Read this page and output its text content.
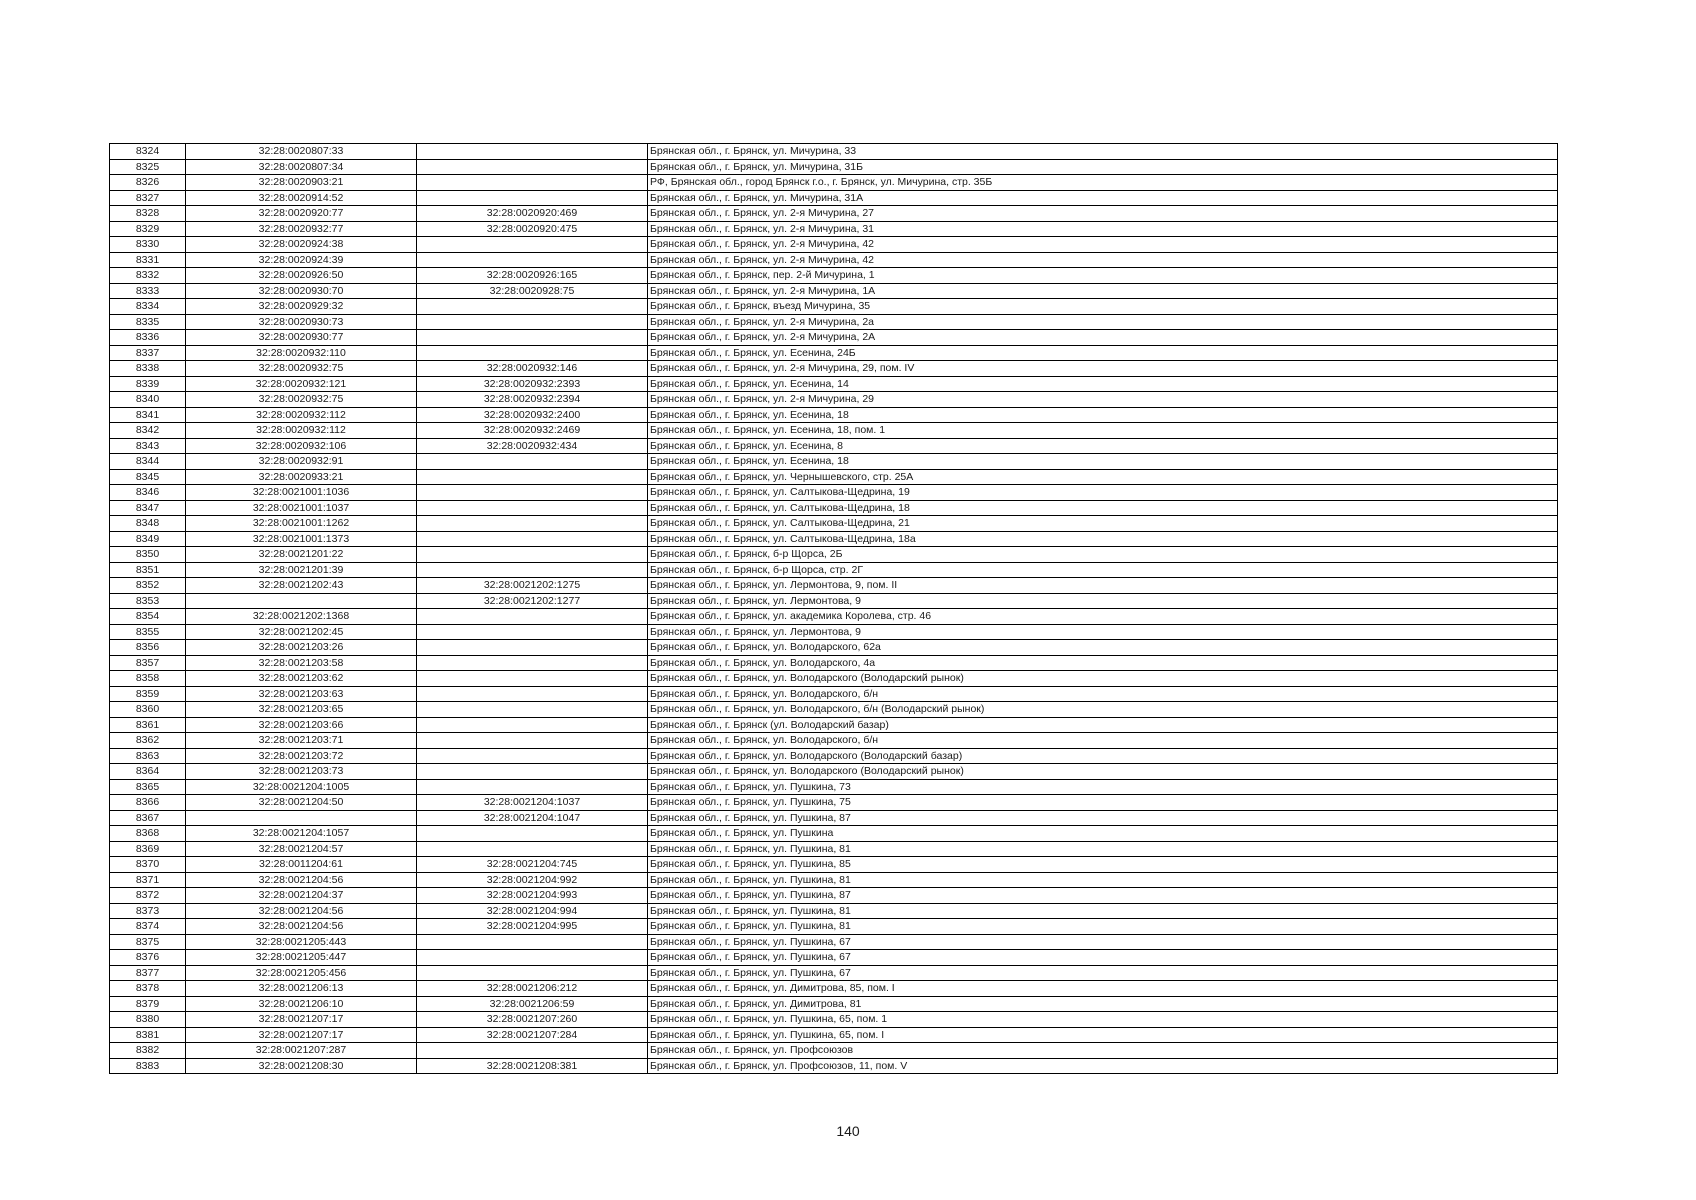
8324	32:28:0020807:33		Брянская обл., г. Брянск, ул. Мичурина, 33
8325	32:28:0020807:34		Брянская обл., г. Брянск, ул. Мичурина, 31Б
8326	32:28:0020903:21		РФ, Брянская обл., город Брянск г.о., г. Брянск, ул. Мичурина, стр. 35Б
8327	32:28:0020914:52		Брянская обл., г. Брянск, ул. Мичурина, 31А
8328	32:28:0020920:77	32:28:0020920:469	Брянская обл., г. Брянск, ул. 2-я Мичурина, 27
8329	32:28:0020932:77	32:28:0020920:475	Брянская обл., г. Брянск, ул. 2-я Мичурина, 31
8330	32:28:0020924:38		Брянская обл., г. Брянск, ул. 2-я Мичурина, 42
8331	32:28:0020924:39		Брянская обл., г. Брянск, ул. 2-я Мичурина, 42
8332	32:28:0020926:50	32:28:0020926:165	Брянская обл., г. Брянск, пер. 2-й Мичурина, 1
8333	32:28:0020930:70	32:28:0020928:75	Брянская обл., г. Брянск, ул. 2-я Мичурина, 1А
8334	32:28:0020929:32		Брянская обл., г. Брянск, въезд Мичурина, 35
8335	32:28:0020930:73		Брянская обл., г. Брянск, ул. 2-я Мичурина, 2а
8336	32:28:0020930:77		Брянская обл., г. Брянск, ул. 2-я Мичурина, 2А
8337	32:28:0020932:110		Брянская обл., г. Брянск, ул. Есенина, 24Б
8338	32:28:0020932:75	32:28:0020932:146	Брянская обл., г. Брянск, ул. 2-я Мичурина, 29, пом. IV
8339	32:28:0020932:121	32:28:0020932:2393	Брянская обл., г. Брянск, ул. Есенина, 14
8340	32:28:0020932:75	32:28:0020932:2394	Брянская обл., г. Брянск, ул. 2-я Мичурина, 29
8341	32:28:0020932:112	32:28:0020932:2400	Брянская обл., г. Брянск, ул. Есенина, 18
8342	32:28:0020932:112	32:28:0020932:2469	Брянская обл., г. Брянск, ул. Есенина, 18, пом. 1
8343	32:28:0020932:106	32:28:0020932:434	Брянская обл., г. Брянск, ул. Есенина, 8
8344	32:28:0020932:91		Брянская обл., г. Брянск, ул. Есенина, 18
8345	32:28:0020933:21		Брянская обл., г. Брянск, ул. Чернышевского, стр. 25А
8346	32:28:0021001:1036		Брянская обл., г. Брянск, ул. Салтыкова-Щедрина, 19
8347	32:28:0021001:1037		Брянская обл., г. Брянск, ул. Салтыкова-Щедрина, 18
8348	32:28:0021001:1262		Брянская обл., г. Брянск, ул. Салтыкова-Щедрина, 21
8349	32:28:0021001:1373		Брянская обл., г. Брянск, ул. Салтыкова-Щедрина, 18а
8350	32:28:0021201:22		Брянская обл., г. Брянск, б-р Щорса, 2Б
8351	32:28:0021201:39		Брянская обл., г. Брянск, б-р Щорса, стр. 2Г
8352	32:28:0021202:43	32:28:0021202:1275	Брянская обл., г. Брянск, ул. Лермонтова, 9, пом. II
8353		32:28:0021202:1277	Брянская обл., г. Брянск, ул. Лермонтова, 9
8354	32:28:0021202:1368		Брянская обл., г. Брянск, ул. академика Королева, стр. 46
8355	32:28:0021202:45		Брянская обл., г. Брянск, ул. Лермонтова, 9
8356	32:28:0021203:26		Брянская обл., г. Брянск, ул. Володарского, 62а
8357	32:28:0021203:58		Брянская обл., г. Брянск, ул. Володарского, 4а
8358	32:28:0021203:62		Брянская обл., г. Брянск, ул. Володарского (Володарский рынок)
8359	32:28:0021203:63		Брянская обл., г. Брянск, ул. Володарского, б/н
8360	32:28:0021203:65		Брянская обл., г. Брянск, ул. Володарского, б/н (Володарский рынок)
8361	32:28:0021203:66		Брянская обл., г. Брянск (ул. Володарский базар)
8362	32:28:0021203:71		Брянская обл., г. Брянск, ул. Володарского, б/н
8363	32:28:0021203:72		Брянская обл., г. Брянск, ул. Володарского (Володарский базар)
8364	32:28:0021203:73		Брянская обл., г. Брянск, ул. Володарского (Володарский рынок)
8365	32:28:0021204:1005		Брянская обл., г. Брянск, ул. Пушкина, 73
8366	32:28:0021204:50	32:28:0021204:1037	Брянская обл., г. Брянск, ул. Пушкина, 75
8367		32:28:0021204:1047	Брянская обл., г. Брянск, ул. Пушкина, 87
8368	32:28:0021204:1057		Брянская обл., г. Брянск, ул. Пушкина
8369	32:28:0021204:57		Брянская обл., г. Брянск, ул. Пушкина, 81
8370	32:28:0011204:61	32:28:0021204:745	Брянская обл., г. Брянск, ул. Пушкина, 85
8371	32:28:0021204:56	32:28:0021204:992	Брянская обл., г. Брянск, ул. Пушкина, 81
8372	32:28:0021204:37	32:28:0021204:993	Брянская обл., г. Брянск, ул. Пушкина, 87
8373	32:28:0021204:56	32:28:0021204:994	Брянская обл., г. Брянск, ул. Пушкина, 81
8374	32:28:0021204:56	32:28:0021204:995	Брянская обл., г. Брянск, ул. Пушкина, 81
8375	32:28:0021205:443		Брянская обл., г. Брянск, ул. Пушкина, 67
8376	32:28:0021205:447		Брянская обл., г. Брянск, ул. Пушкина, 67
8377	32:28:0021205:456		Брянская обл., г. Брянск, ул. Пушкина, 67
8378	32:28:0021206:13	32:28:0021206:212	Брянская обл., г. Брянск, ул. Димитрова, 85, пом. I
8379	32:28:0021206:10	32:28:0021206:59	Брянская обл., г. Брянск, ул. Димитрова, 81
8380	32:28:0021207:17	32:28:0021207:260	Брянская обл., г. Брянск, ул. Пушкина, 65, пом. 1
8381	32:28:0021207:17	32:28:0021207:284	Брянская обл., г. Брянск, ул. Пушкина, 65, пом. I
8382	32:28:0021207:287		Брянская обл., г. Брянск, ул. Профсоюзов
8383	32:28:0021208:30	32:28:0021208:381	Брянская обл., г. Брянск, ул. Профсоюзов, 11, пом. V
140
